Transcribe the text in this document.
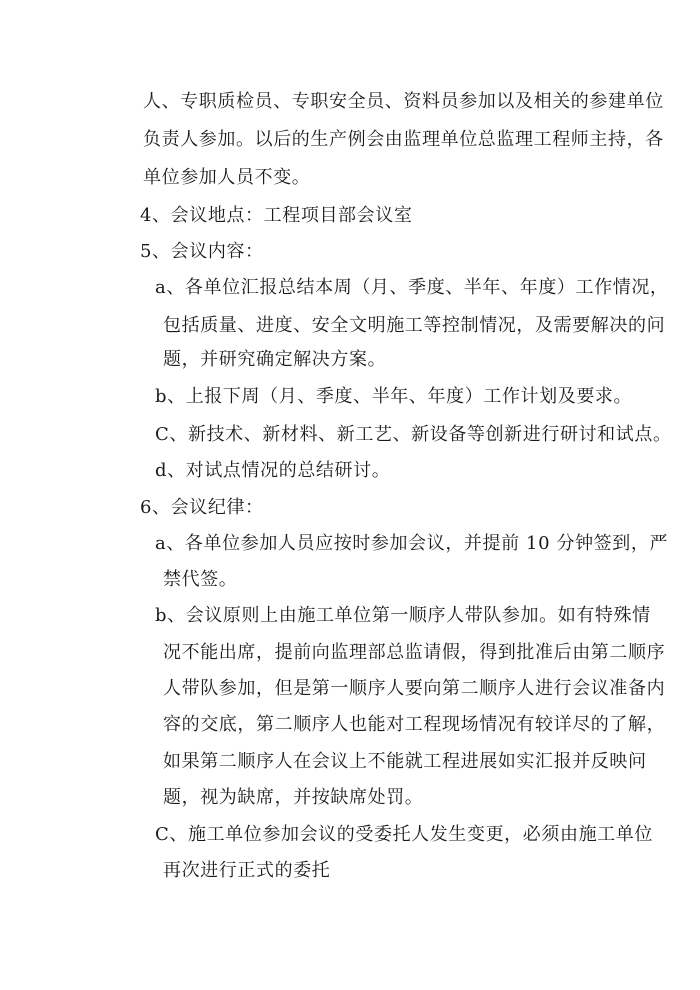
人、专职质检员、专职安全员、资料员参加以及相关的参建单位
负责人参加。以后的生产例会由监理单位总监理工程师主持，各
单位参加人员不变。
4、会议地点：工程项目部会议室
5、会议内容：
a、各单位汇报总结本周（月、季度、半年、年度）工作情况，
包括质量、进度、安全文明施工等控制情况，及需要解决的问
题，并研究确定解决方案。
b、上报下周（月、季度、半年、年度）工作计划及要求。
C、新技术、新材料、新工艺、新设备等创新进行研讨和试点。
d、对试点情况的总结研讨。
6、会议纪律：
a、各单位参加人员应按时参加会议，并提前 10 分钟签到，严
禁代签。
b、会议原则上由施工单位第一顺序人带队参加。如有特殊情
况不能出席，提前向监理部总监请假，得到批准后由第二顺序
人带队参加，但是第一顺序人要向第二顺序人进行会议准备内
容的交底，第二顺序人也能对工程现场情况有较详尽的了解，
如果第二顺序人在会议上不能就工程进展如实汇报并反映问
题，视为缺席，并按缺席处罚。
C、施工单位参加会议的受委托人发生变更，必须由施工单位
再次进行正式的委托
